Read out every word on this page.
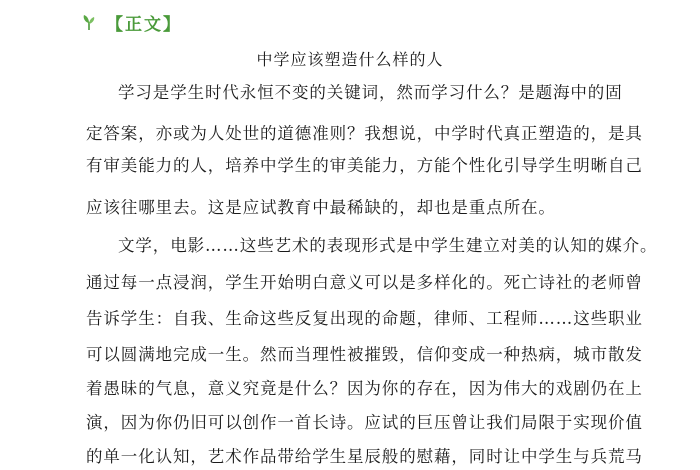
【正文】
中学应该塑造什么样的人
学习是学生时代永恒不变的关键词，然而学习什么？是题海中的固
定答案，亦或为人处世的道德准则？我想说，中学时代真正塑造的，是具
有审美能力的人，培养中学生的审美能力，方能个性化引导学生明晰自己
应该往哪里去。这是应试教育中最稀缺的，却也是重点所在。
文学，电影……这些艺术的表现形式是中学生建立对美的认知的媒介。
通过每一点浸润，学生开始明白意义可以是多样化的。死亡诗社的老师曾
告诉学生：自我、生命这些反复出现的命题，律师、工程师……这些职业
可以圆满地完成一生。然而当理性被摧毁，信仰变成一种热病，城市散发
着愚昧的气息，意义究竟是什么？因为你的存在，因为伟大的戏剧仍在上
演，因为你仍旧可以创作一首长诗。应试的巨压曾让我们局限于实现价值
的单一化认知，艺术作品带给学生星辰般的慰藉，同时让中学生与兵荒马
